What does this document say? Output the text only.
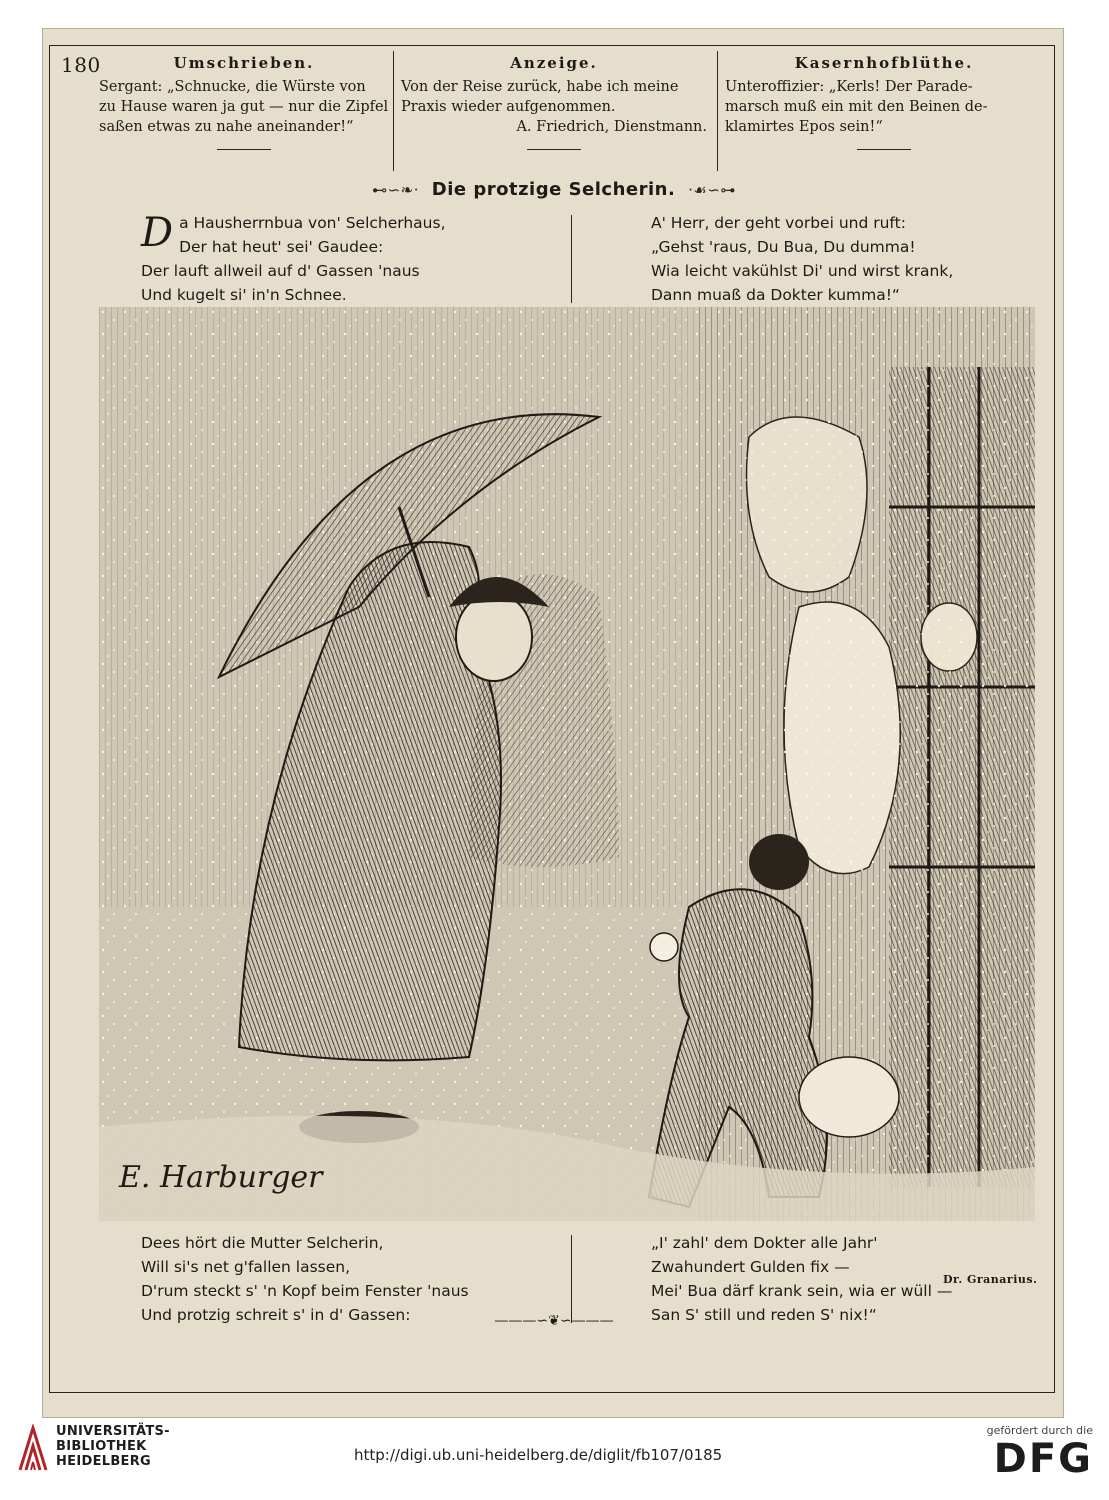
180	Umschrieben.
Sergant: „Schnucke, die Würste von
zu Hause waren ja gut — nur die Zipfel
saßen etwas zu nahe aneinander!“
Anzeige.
Von der Reise zurück, habe ich meine
Praxis wieder aufgenommen.
A. Friedrich, Dienstmann.
Kasernhofblüthe.
Unteroffizier: „Kerls! Der Parade-
marsch muß ein mit den Beinen de-
klamirtes Epos sein!“
⊷∽❧· Die protzige Selcherin. ·☙∽⊶
D a Hausherrnbua von' Selcherhaus,
Der hat heut' sei' Gaudee:
Der lauft allweil auf d' Gassen 'naus
Und kugelt si' in'n Schnee.
A' Herr, der geht vorbei und ruft:
„Gehst 'raus, Du Bua, Du dumma!
Wia leicht vakühlst Di' und wirst krank,
Dann muaß da Dokter kumma!“
E. Harburger
Dees hört die Mutter Selcherin,
Will si's net g'fallen lassen,
D'rum steckt s' 'n Kopf beim Fenster 'naus
Und protzig schreit s' in d' Gassen:
„I' zahl' dem Dokter alle Jahr'
Zwahundert Gulden fix —
Mei' Bua därf krank sein, wia er wüll —
San S' still und reden S' nix!“
Dr. Granarius.
———∽❦∽———
UNIVERSITÄTS-
BIBLIOTHEK
HEIDELBERG	http://digi.ub.uni-heidelberg.de/diglit/fb107/0185
gefördert durch die
DFG
